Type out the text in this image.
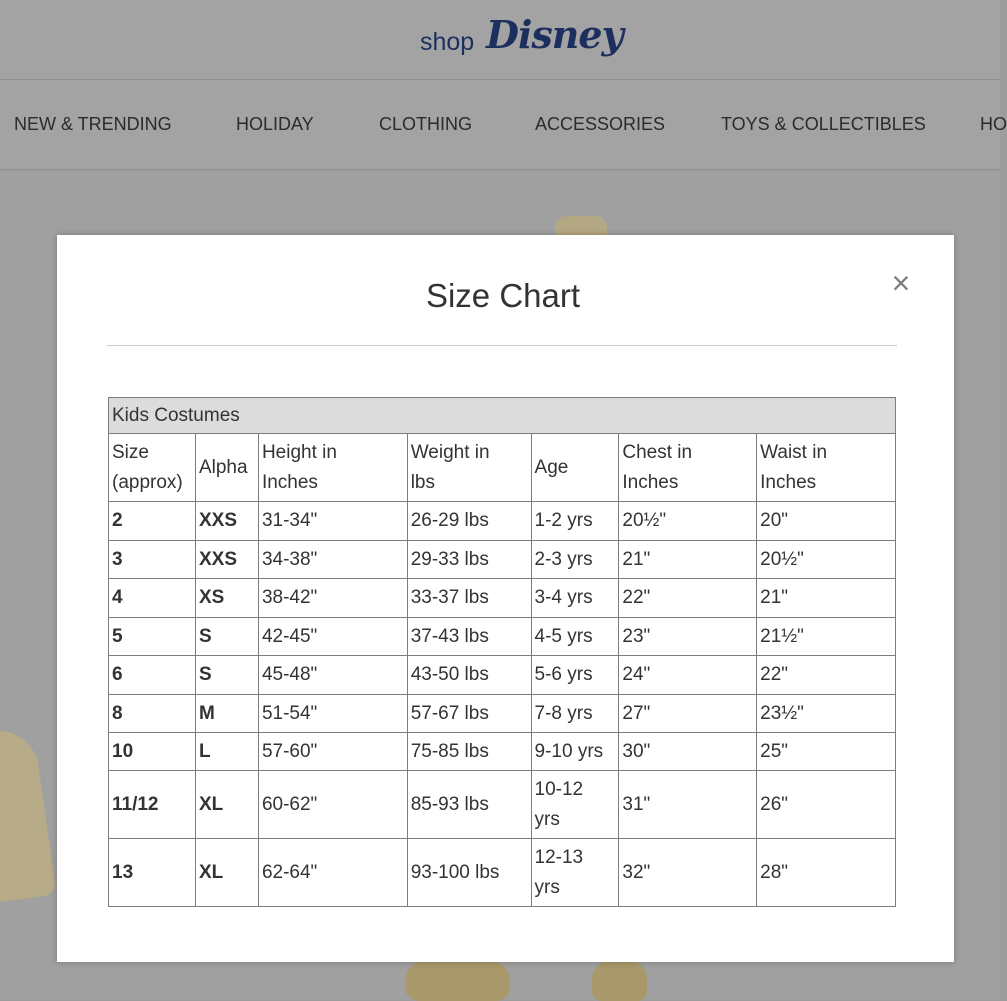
shop Disney
NEW & TRENDING	HOLIDAY	CLOTHING	ACCESSORIES	TOYS & COLLECTIBLES	HO
Size Chart	×
Kids Costumes						
Size
(approx)	Alpha	Height in
Inches	Weight in
lbs	Age	Chest in
Inches	Waist in
Inches
2	XXS	31-34"	26-29 lbs	1-2 yrs	20½"	20"
3	XXS	34-38"	29-33 lbs	2-3 yrs	21"	20½"
4	XS	38-42"	33-37 lbs	3-4 yrs	22"	21"
5	S	42-45"	37-43 lbs	4-5 yrs	23"	21½"
6	S	45-48"	43-50 lbs	5-6 yrs	24"	22"
8	M	51-54"	57-67 lbs	7-8 yrs	27"	23½"
10	L	57-60"	75-85 lbs	9-10 yrs	30"	25"
11/12	XL	60-62"	85-93 lbs	10-12
yrs	31"	26"
13	XL	62-64"	93-100 lbs	12-13
yrs	32"	28"
